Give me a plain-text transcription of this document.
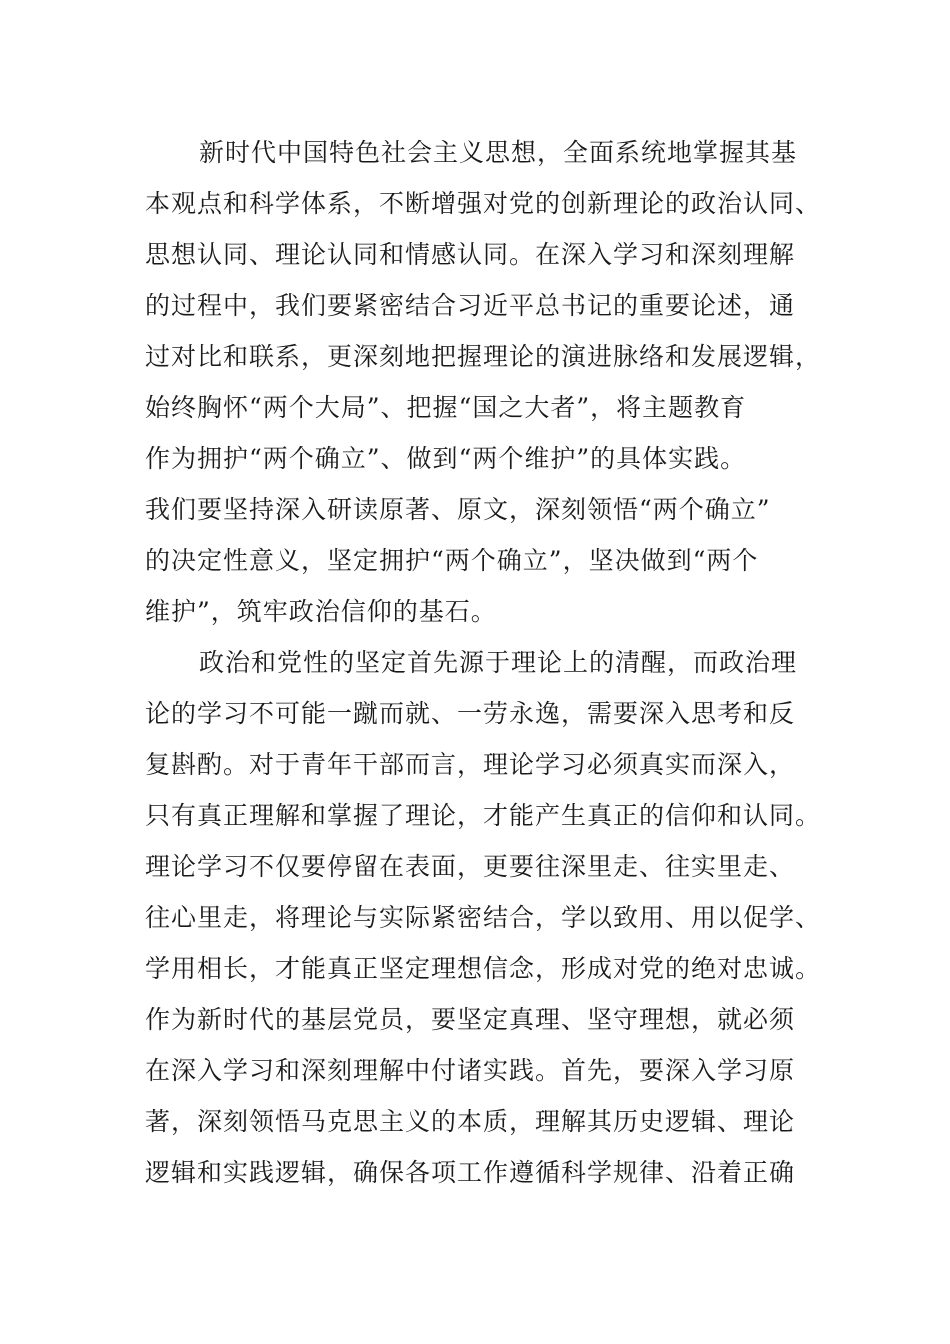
新时代中国特色社会主义思想，全面系统地掌握其基
本观点和科学体系，不断增强对党的创新理论的政治认同、
思想认同、理论认同和情感认同。在深入学习和深刻理解
的过程中，我们要紧密结合习近平总书记的重要论述，通
过对比和联系，更深刻地把握理论的演进脉络和发展逻辑，
始终胸怀“两个大局”、把握“国之大者”，将主题教育
作为拥护“两个确立”、做到“两个维护”的具体实践。
我们要坚持深入研读原著、原文，深刻领悟“两个确立”
的决定性意义，坚定拥护“两个确立”，坚决做到“两个
维护”，筑牢政治信仰的基石。
政治和党性的坚定首先源于理论上的清醒，而政治理
论的学习不可能一蹴而就、一劳永逸，需要深入思考和反
复斟酌。对于青年干部而言，理论学习必须真实而深入，
只有真正理解和掌握了理论，才能产生真正的信仰和认同。
理论学习不仅要停留在表面，更要往深里走、往实里走、
往心里走，将理论与实际紧密结合，学以致用、用以促学、
学用相长，才能真正坚定理想信念，形成对党的绝对忠诚。
作为新时代的基层党员，要坚定真理、坚守理想，就必须
在深入学习和深刻理解中付诸实践。首先，要深入学习原
著，深刻领悟马克思主义的本质，理解其历史逻辑、理论
逻辑和实践逻辑，确保各项工作遵循科学规律、沿着正确
